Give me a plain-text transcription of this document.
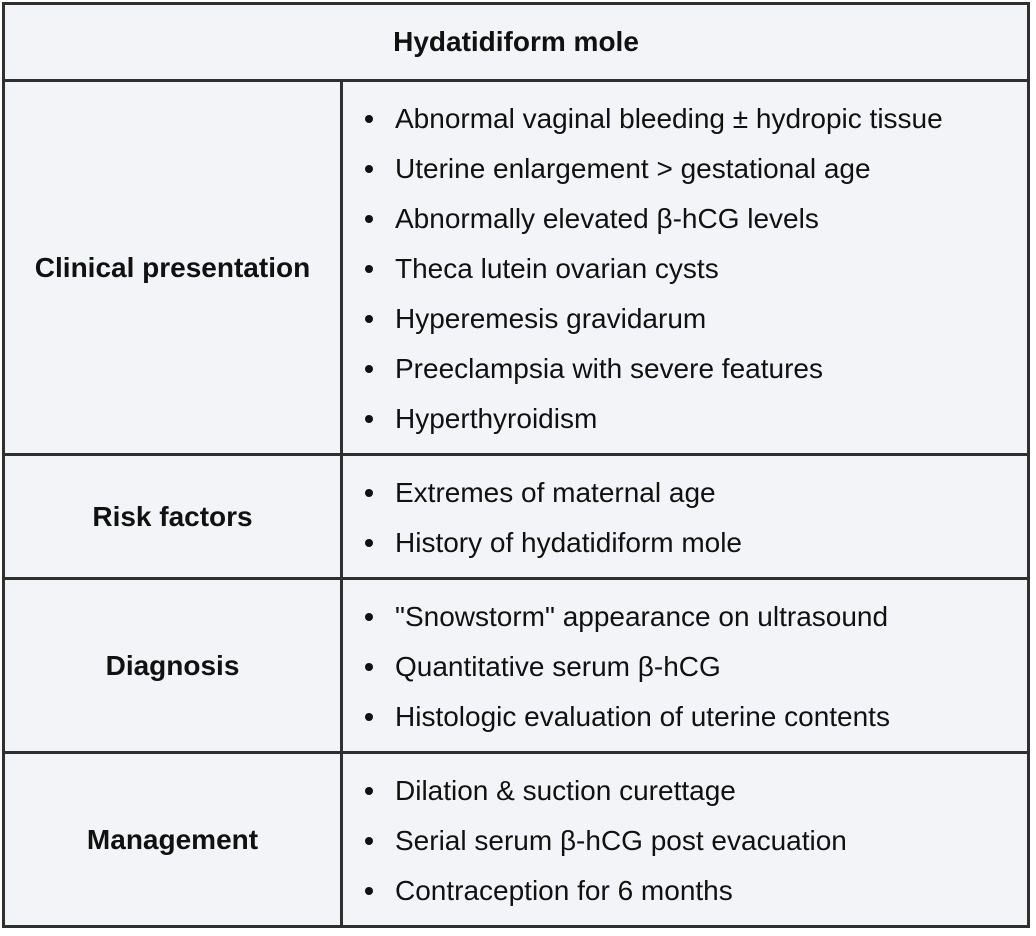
Hydatidiform mole
Clinical presentation
Abnormal vaginal bleeding ± hydropic tissue
Uterine enlargement > gestational age
Abnormally elevated β-hCG levels
Theca lutein ovarian cysts
Hyperemesis gravidarum
Preeclampsia with severe features
Hyperthyroidism
Risk factors
Extremes of maternal age
History of hydatidiform mole
Diagnosis
"Snowstorm" appearance on ultrasound
Quantitative serum β-hCG
Histologic evaluation of uterine contents
Management
Dilation & suction curettage
Serial serum β-hCG post evacuation
Contraception for 6 months
